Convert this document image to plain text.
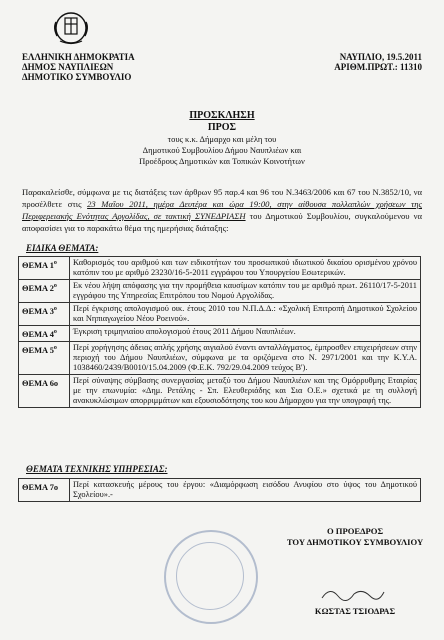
ΕΛΛΗΝΙΚΗ ΔΗΜΟΚΡΑΤΙΑ
ΔΗΜΟΣ ΝΑΥΠΛΙΕΩΝ
ΔΗΜΟΤΙΚΟ ΣΥΜΒΟΥΛΙΟ
ΝΑΥΠΛΙΟ, 19.5.2011
ΑΡΙΘΜ.ΠΡΩΤ.: 11310
ΠΡΟΣΚΛΗΣΗ
ΠΡΟΣ
τους κ.κ. Δήμαρχο και μέλη του
Δημοτικού Συμβουλίου Δήμου Ναυπλιέων και
Προέδρους Δημοτικών και Τοπικών Κοινοτήτων
Παρακαλείσθε, σύμφωνα με τις διατάξεις των άρθρων 95 παρ.4 και 96 του Ν.3463/2006 και 67 του Ν.3852/10, να προσέλθετε στις 23 Μαΐου 2011, ημέρα Δευτέρα και ώρα 19:00, στην αίθουσα πολλαπλών χρήσεων της Περιφερειακής Ενότητας Αργολίδας, σε τακτική ΣΥΝΕΔΡΙΑΣΗ του Δημοτικού Συμβουλίου, συγκαλούμενου να αποφασίσει για το παρακάτω θέμα της ημερήσιας διάταξης:
ΕΙΔΙΚΑ ΘΕΜΑΤΑ:
ΘΕΜΑ $1^o$	Καθορισμός του αριθμού και των ειδικοτήτων του προσωπικού ιδιωτικού δικαίου ορισμένου χρόνου κατόπιν του με αριθμό 23230/16-5-2011 εγγράφου του Υπουργείου Εσωτερικών.
ΘΕΜΑ $2^o$	Εκ νέου λήψη απόφασης για την προμήθεια καυσίμων κατόπιν του με αριθμό πρωτ. 26110/17-5-2011 εγγράφου της Υπηρεσίας Επιτρόπου του Νομού Αργολίδας.
ΘΕΜΑ $3^o$	Περί έγκρισης απολογισμού οικ. έτους 2010 του Ν.Π.Δ.Δ.: «Σχολική Επιτροπή Δημοτικού Σχολείου και Νηπιαγωγείου Νέου Ροεινού».
ΘΕΜΑ $4^o$	Έγκριση τριμηνιαίου απολογισμού έτους 2011 Δήμου Ναυπλιέων.
ΘΕΜΑ $5^o$	Περί χορήγησης άδειας απλής χρήσης αιγιαλού έναντι ανταλλάγματος, έμπροσθεν επιχειρήσεων στην περιοχή του Δήμου Ναυπλιέων, σύμφωνα με τα οριζόμενα στο Ν. 2971/2001 και την Κ.Υ.Α. 1038460/2439/Β0010/15.04.2009 (Φ.Ε.Κ. 792/29.04.2009 τεύχος Β').
ΘΕΜΑ 6ο	Περί σύναψης σύμβασης συνεργασίας μεταξύ του Δήμου Ναυπλιέων και της Ομόρρυθμης Εταιρίας με την επωνυμία: «Δημ. Ρετάλης - Σπ. Ελευθεριάδης και Σια Ο.Ε.» σχετικά με τη συλλογή ανακυκλώσιμων απορριμμάτων και εξουσιοδότησης του κου Δήμαρχου για την υπογραφή της.
ΘΕΜΑΤΑ ΤΕΧΝΙΚΗΣ ΥΠΗΡΕΣΙΑΣ:
ΘΕΜΑ 7ο	Περί κατασκευής μέρους του έργου: «Διαμόρφωση εισόδου Ανυφίου στο ύψος του Δημοτικού Σχολείου».-
Ο ΠΡΟΕΔΡΟΣ
ΤΟΥ ΔΗΜΟΤΙΚΟΥ ΣΥΜΒΟΥΛΙΟΥ
ΚΩΣΤΑΣ ΤΣΙΟΔΡΑΣ
